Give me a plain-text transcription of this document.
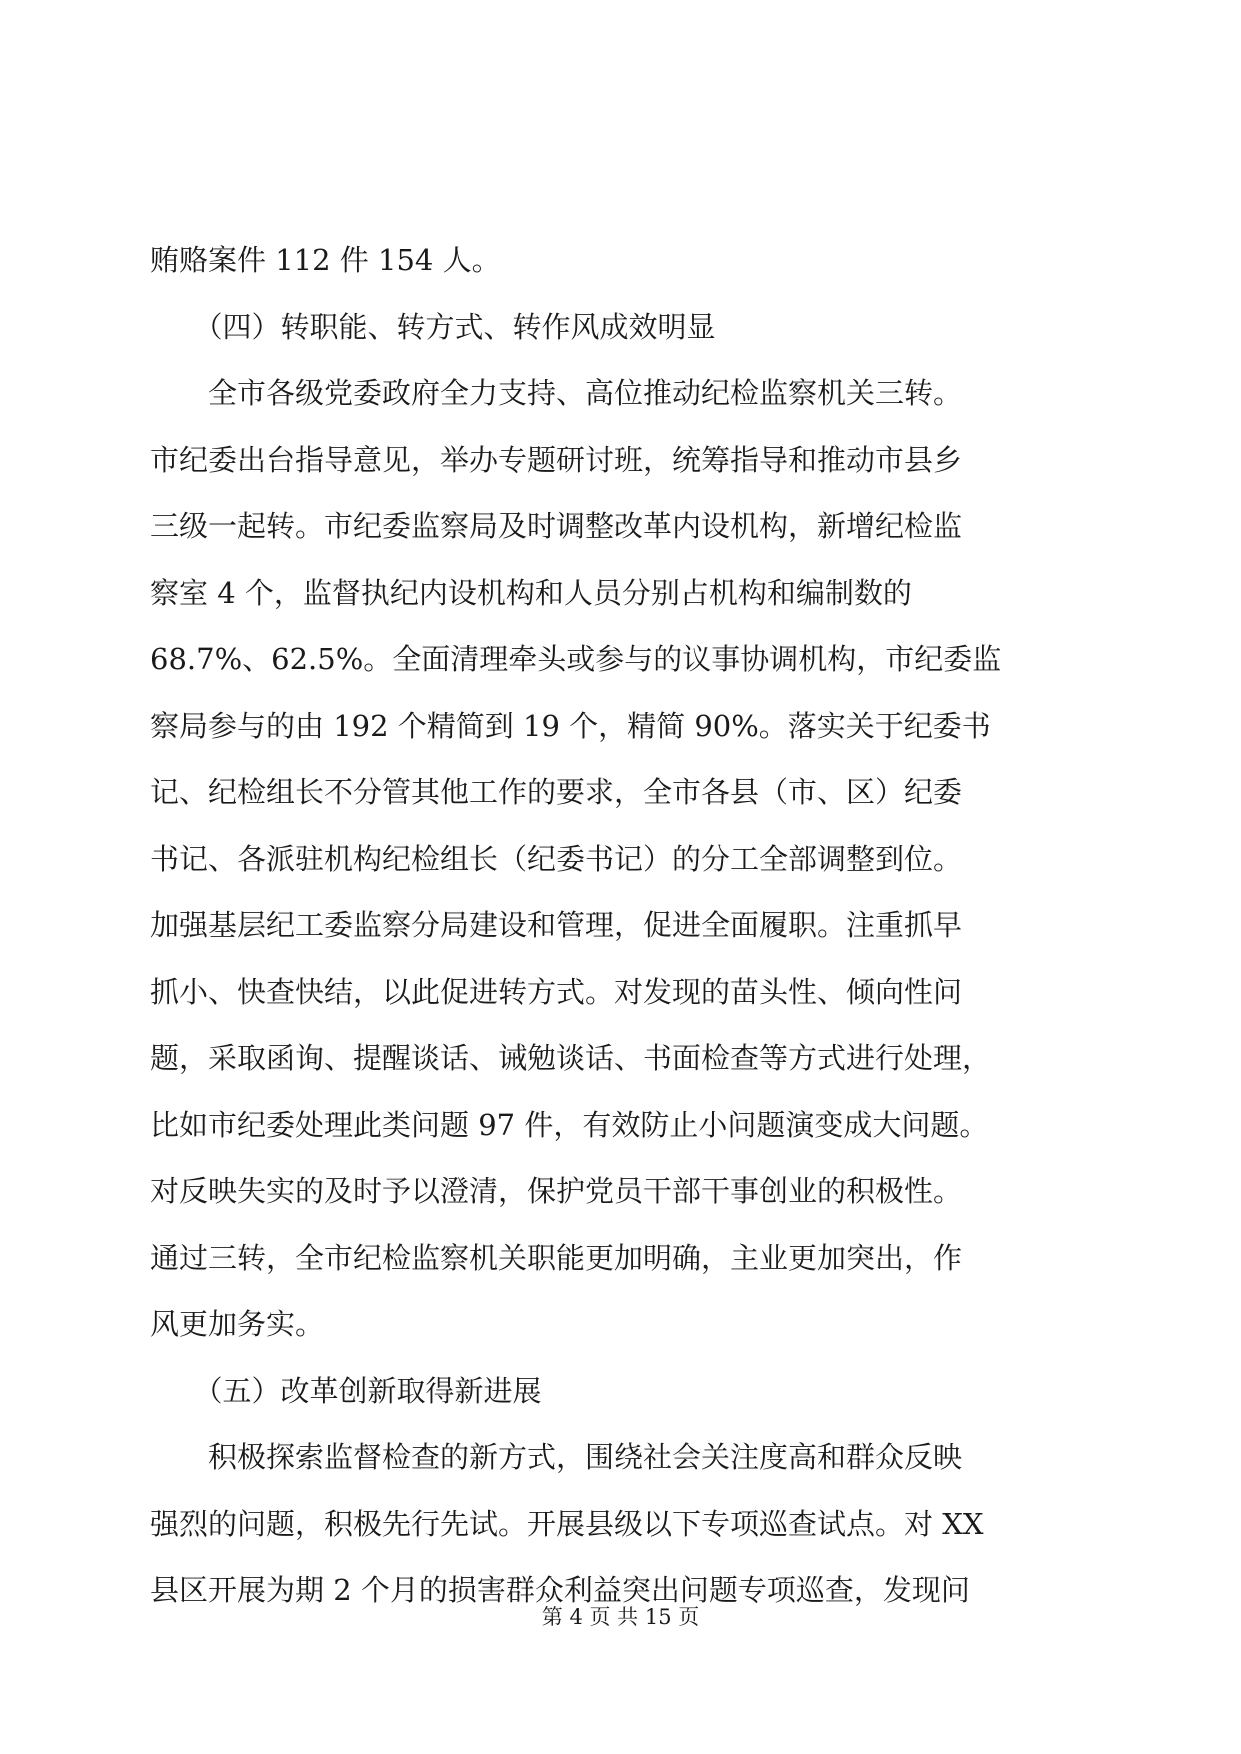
贿赂案件 112 件 154 人。
　　（四）转职能、转方式、转作风成效明显
　　全市各级党委政府全力支持、高位推动纪检监察机关三转。
市纪委出台指导意见，举办专题研讨班，统筹指导和推动市县乡
三级一起转。市纪委监察局及时调整改革内设机构，新增纪检监
察室 4 个，监督执纪内设机构和人员分别占机构和编制数的
68.7%、62.5%。全面清理牵头或参与的议事协调机构，市纪委监
察局参与的由 192 个精简到 19 个，精简 90%。落实关于纪委书
记、纪检组长不分管其他工作的要求，全市各县（市、区）纪委
书记、各派驻机构纪检组长（纪委书记）的分工全部调整到位。
加强基层纪工委监察分局建设和管理，促进全面履职。注重抓早
抓小、快查快结，以此促进转方式。对发现的苗头性、倾向性问
题，采取函询、提醒谈话、诫勉谈话、书面检查等方式进行处理，
比如市纪委处理此类问题 97 件，有效防止小问题演变成大问题。
对反映失实的及时予以澄清，保护党员干部干事创业的积极性。
通过三转，全市纪检监察机关职能更加明确，主业更加突出，作
风更加务实。
　　（五）改革创新取得新进展
　　积极探索监督检查的新方式，围绕社会关注度高和群众反映
强烈的问题，积极先行先试。开展县级以下专项巡查试点。对 XX
县区开展为期 2 个月的损害群众利益突出问题专项巡查，发现问
第 4 页 共 15 页
